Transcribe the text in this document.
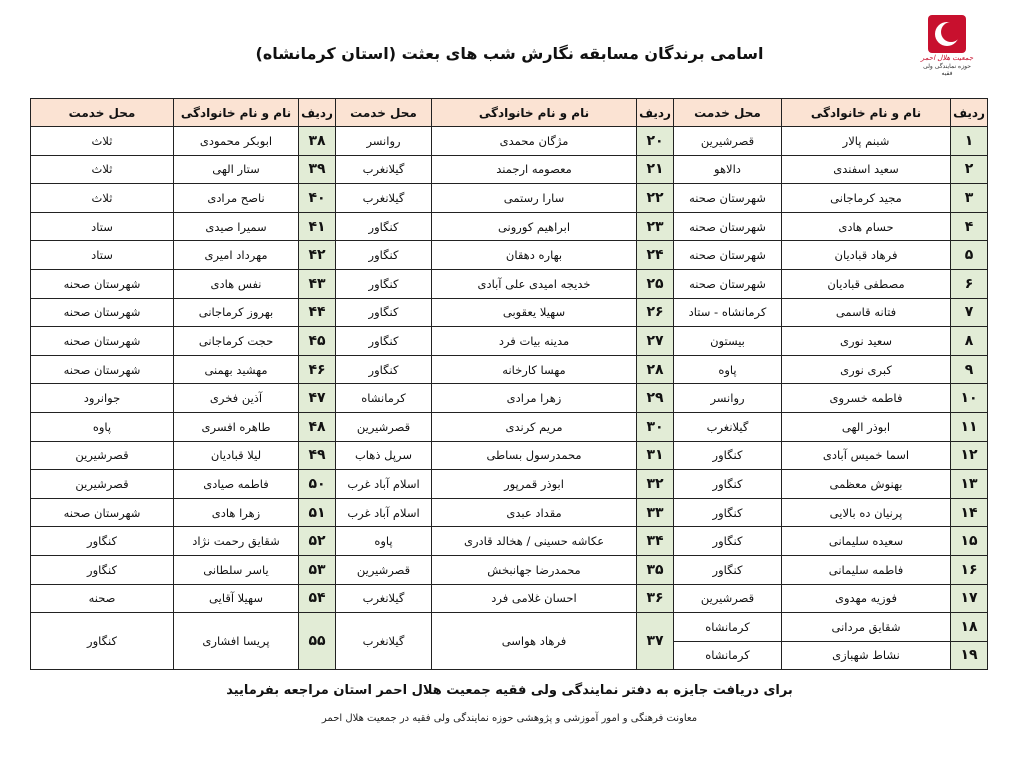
جمعیت هلال احمر
حوزه نمایندگی ولی فقیه
اسامی برندگان مسابقه نگارش شب های بعثت (استان کرمانشاه)
ردیف	نام و نام خانوادگی	محل خدمت	ردیف	نام و نام خانوادگی	محل خدمت	ردیف	نام و نام خانوادگی	محل خدمت
۱	شبنم پالار	قصرشیرین	۲۰	مژگان محمدی	روانسر	۳۸	ابوبکر محمودی	ثلاث
۲	سعید اسفندی	دالاهو	۲۱	معصومه ارجمند	گیلانغرب	۳۹	ستار الهی	ثلاث
۳	مجید کرماجانی	شهرستان صحنه	۲۲	سارا رستمی	گیلانغرب	۴۰	ناصح مرادی	ثلاث
۴	حسام هادی	شهرستان صحنه	۲۳	ابراهیم کورونی	کنگاور	۴۱	سمیرا صیدی	ستاد
۵	فرهاد قبادیان	شهرستان صحنه	۲۴	بهاره دهقان	کنگاور	۴۲	مهرداد امیری	ستاد
۶	مصطفی قبادیان	شهرستان صحنه	۲۵	خدیجه امیدی علی آبادی	کنگاور	۴۳	نفس هادی	شهرستان صحنه
۷	فتانه قاسمی	کرمانشاه - ستاد	۲۶	سهیلا یعقوبی	کنگاور	۴۴	بهروز کرماجانی	شهرستان صحنه
۸	سعید نوری	بیستون	۲۷	مدینه بیات فرد	کنگاور	۴۵	حجت کرماجانی	شهرستان صحنه
۹	کبری نوری	پاوه	۲۸	مهسا کارخانه	کنگاور	۴۶	مهشید بهمنی	شهرستان صحنه
۱۰	فاطمه خسروی	روانسر	۲۹	زهرا مرادی	کرمانشاه	۴۷	آذین فخری	جوانرود
۱۱	ابوذر الهی	گیلانغرب	۳۰	مریم کرندی	قصرشیرین	۴۸	طاهره افسری	پاوه
۱۲	اسما خمیس آبادی	کنگاور	۳۱	محمدرسول بساطی	سرپل ذهاب	۴۹	لیلا قبادیان	قصرشیرین
۱۳	بهنوش معظمی	کنگاور	۳۲	ابوذر قمرپور	اسلام آباد غرب	۵۰	فاطمه صیادی	قصرشیرین
۱۴	پرنیان ده بالایی	کنگاور	۳۳	مقداد عبدی	اسلام آباد غرب	۵۱	زهرا هادی	شهرستان صحنه
۱۵	سعیده سلیمانی	کنگاور	۳۴	عکاشه حسینی / هخالد قادری	پاوه	۵۲	شقایق رحمت نژاد	کنگاور
۱۶	فاطمه سلیمانی	کنگاور	۳۵	محمدرضا جهانبخش	قصرشیرین	۵۳	یاسر سلطانی	کنگاور
۱۷	فوزیه مهدوی	قصرشیرین	۳۶	احسان غلامی فرد	گیلانغرب	۵۴	سهیلا آقایی	صحنه
۱۸	شقایق مردانی	کرمانشاه	۳۷	فرهاد هواسی	گیلانغرب	۵۵	پریسا افشاری	کنگاور
۱۹	نشاط شهبازی	کرمانشاه						
برای دریافت جایزه به دفتر نمایندگی ولی فقیه جمعیت هلال احمر استان مراجعه بفرمایید
معاونت فرهنگی و امور آموزشی و پژوهشی حوزه نمایندگی ولی فقیه در جمعیت هلال احمر
